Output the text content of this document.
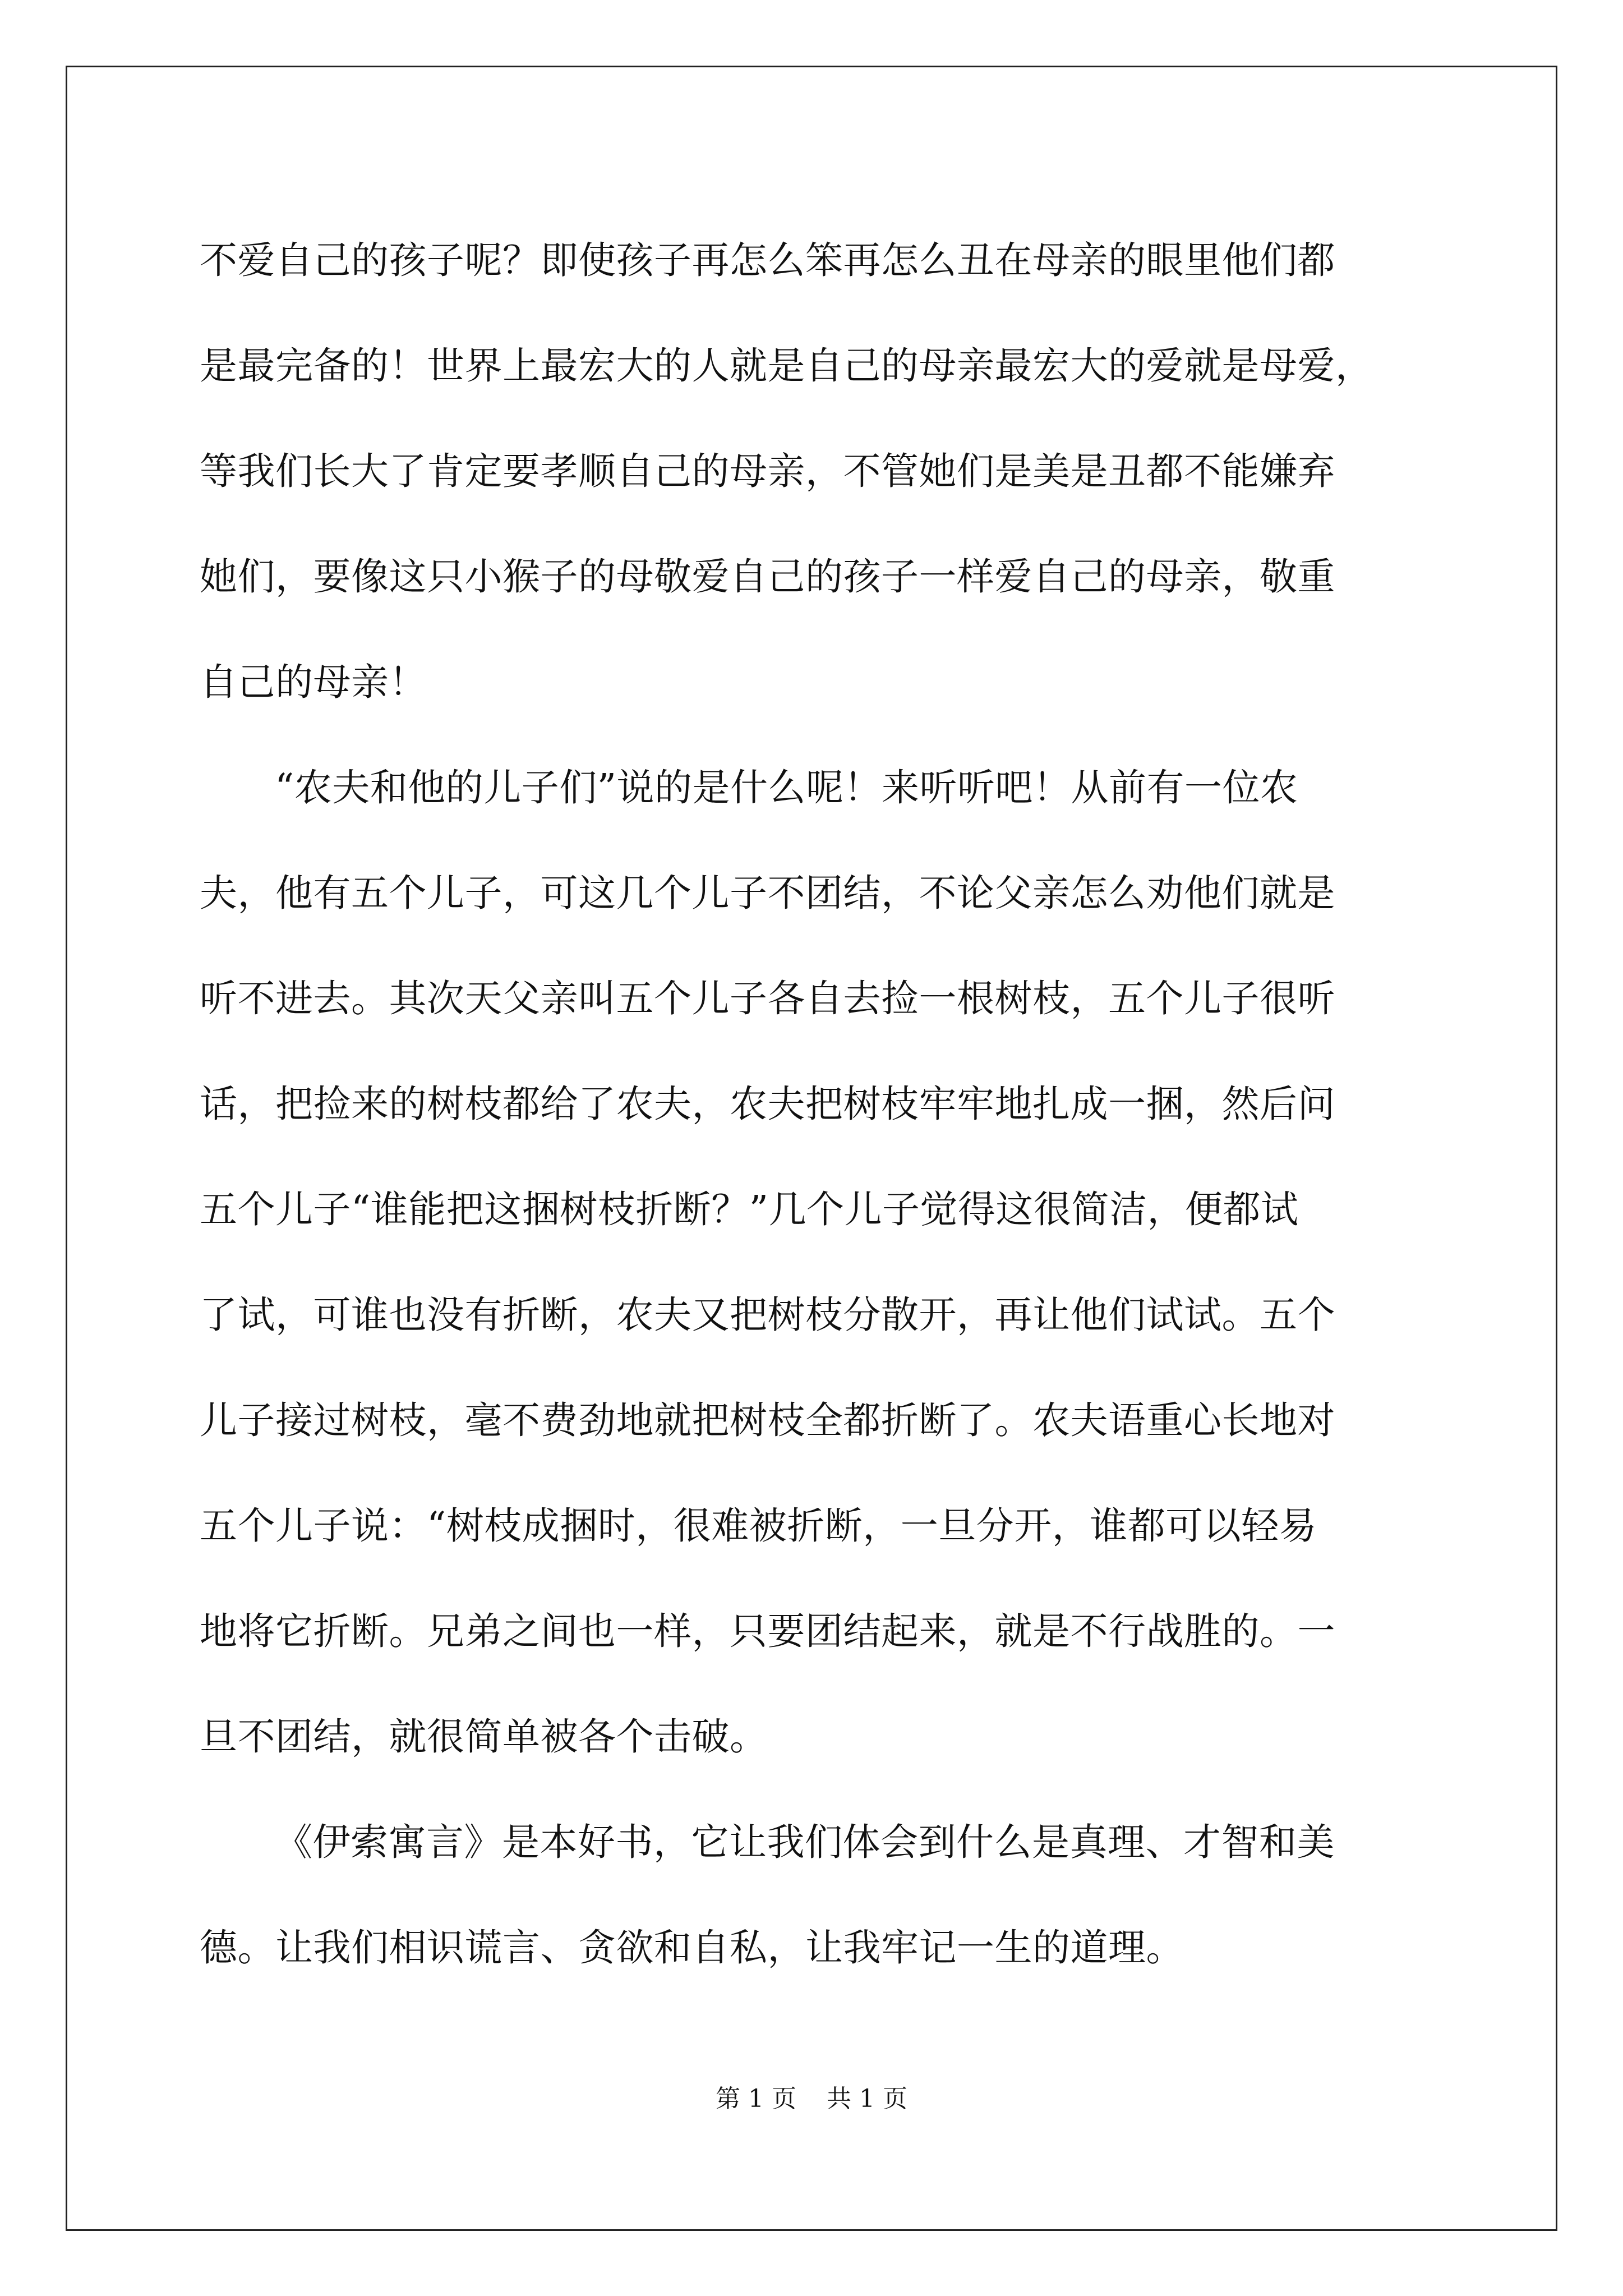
不爱自己的孩子呢？即使孩子再怎么笨再怎么丑在母亲的眼里他们都
是最完备的！世界上最宏大的人就是自己的母亲最宏大的爱就是母爱，
等我们长大了肯定要孝顺自己的母亲，不管她们是美是丑都不能嫌弃
她们，要像这只小猴子的母敬爱自己的孩子一样爱自己的母亲，敬重
自己的母亲！
“农夫和他的儿子们”说的是什么呢！来听听吧！从前有一位农
夫，他有五个儿子，可这几个儿子不团结，不论父亲怎么劝他们就是
听不进去。其次天父亲叫五个儿子各自去捡一根树枝，五个儿子很听
话，把捡来的树枝都给了农夫，农夫把树枝牢牢地扎成一捆，然后问
五个儿子“谁能把这捆树枝折断？”几个儿子觉得这很简洁，便都试
了试，可谁也没有折断，农夫又把树枝分散开，再让他们试试。五个
儿子接过树枝，毫不费劲地就把树枝全都折断了。农夫语重心长地对
五个儿子说：“树枝成捆时，很难被折断，一旦分开，谁都可以轻易
地将它折断。兄弟之间也一样，只要团结起来，就是不行战胜的。一
旦不团结，就很简单被各个击破。
《伊索寓言》是本好书，它让我们体会到什么是真理、才智和美
德。让我们相识谎言、贪欲和自私，让我牢记一生的道理。
第 1 页 共 1 页
